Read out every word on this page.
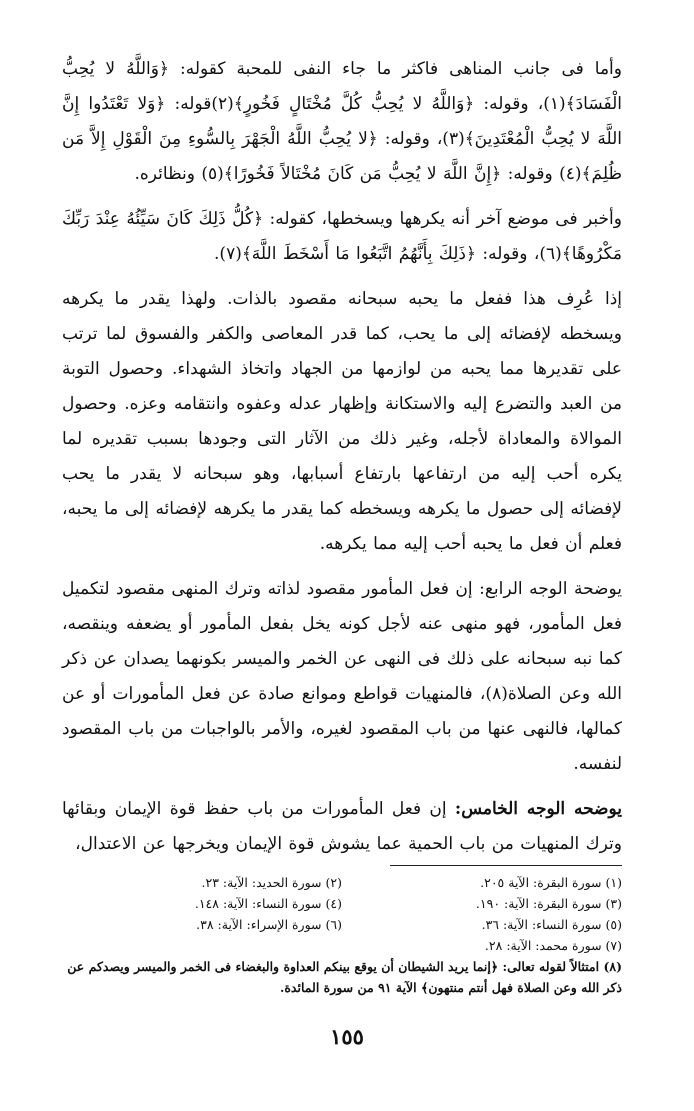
وأما فى جانب المناهى فاكثر ما جاء النفى للمحبة كقوله: ﴿وَاللَّهُ لا يُحِبُّ الْفَسَادَ﴾(١)، وقوله: ﴿وَاللَّهُ لا يُحِبُّ كُلَّ مُخْتَالٍ فَخُورٍ﴾(٢)قوله: ﴿وَلا تَعْتَدُوا إِنَّ اللَّهَ لا يُحِبُّ الْمُعْتَدِينَ﴾(٣)، وقوله: ﴿لا يُحِبُّ اللَّهُ الْجَهْرَ بِالسُّوءِ مِنَ الْقَوْلِ إِلاَّ مَن ظُلِمَ﴾(٤) وقوله: ﴿إِنَّ اللَّهَ لا يُحِبُّ مَن كَانَ مُخْتَالاً فَخُورًا﴾(٥) ونظائره.

وأخبر فى موضع آخر أنه يكرهها ويسخطها، كقوله: ﴿كُلُّ ذَلِكَ كَانَ سَيِّئُهُ عِنْدَ رَبِّكَ مَكْرُوهًا﴾(٦)، وقوله: ﴿ذَلِكَ بِأَنَّهُمُ اتَّبَعُوا مَا أَسْخَطَ اللَّهَ﴾(٧).

إذا عُرِف هذا ففعل ما يحبه سبحانه مقصود بالذات. ولهذا يقدر ما يكرهه ويسخطه لإفضائه إلى ما يحب، كما قدر المعاصى والكفر والفسوق لما ترتب على تقديرها مما يحبه من لوازمها من الجهاد واتخاذ الشهداء. وحصول التوبة من العبد والتضرع إليه والاستكانة وإظهار عدله وعفوه وانتقامه وعزه. وحصول الموالاة والمعاداة لأجله، وغير ذلك من الآثار التى وجودها بسبب تقديره لما يكره أحب إليه من ارتفاعها بارتفاع أسبابها، وهو سبحانه لا يقدر ما يحب لإفضائه إلى حصول ما يكرهه ويسخطه كما يقدر ما يكرهه لإفضائه إلى ما يحبه، فعلم أن فعل ما يحبه أحب إليه مما يكرهه.

يوضحة الوجه الرابع: إن فعل المأمور مقصود لذاته وترك المنهى مقصود لتكميل فعل المأمور، فهو منهى عنه لأجل كونه يخل بفعل المأمور أو يضعفه وينقصه، كما نبه سبحانه على ذلك فى النهى عن الخمر والميسر بكونهما يصدان عن ذكر الله وعن الصلاة(٨)، فالمنهيات قواطع وموانع صادة عن فعل المأمورات أو عن كمالها، فالنهى عنها من باب المقصود لغيره، والأمر بالواجبات من باب المقصود لنفسه.

يوضحه الوجه الخامس: إن فعل المأمورات من باب حفظ قوة الإيمان وبقائها وترك المنهيات من باب الحمية عما يشوش قوة الإيمان ويخرجها عن الاعتدال،

(١) سورة البقرة: الآية ٢٠٥.
(٢) سورة الحديد: الآية: ٢٣.
(٣) سورة البقرة: الآية: ١٩٠.
(٤) سورة النساء: الآية: ١٤٨.
(٥) سورة النساء: الآية: ٣٦.
(٦) سورة الإسراء: الآية: ٣٨.
(٧) سورة محمد: الآية: ٢٨.
(٨) امتثالاً لقوله تعالى: ﴿إنما يريد الشيطان أن يوقع بينكم العداوة والبغضاء فى الخمر والميسر ويصدكم عن ذكر الله وعن الصلاة فهل أنتم منتهون﴾ الآية ٩١ من سورة المائدة.
١٥٥
